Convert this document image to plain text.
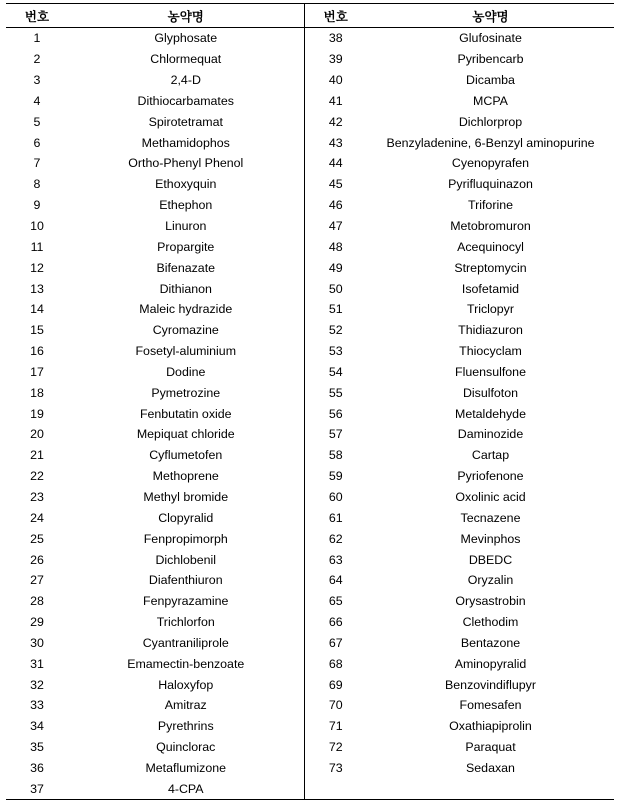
번호	농약명	번호	농약명
1	Glyphosate	38	Glufosinate
2	Chlormequat	39	Pyribencarb
3	2,4-D	40	Dicamba
4	Dithiocarbamates	41	MCPA
5	Spirotetramat	42	Dichlorprop
6	Methamidophos	43	Benzyladenine, 6-Benzyl aminopurine
7	Ortho-Phenyl Phenol	44	Cyenopyrafen
8	Ethoxyquin	45	Pyrifluquinazon
9	Ethephon	46	Triforine
10	Linuron	47	Metobromuron
11	Propargite	48	Acequinocyl
12	Bifenazate	49	Streptomycin
13	Dithianon	50	Isofetamid
14	Maleic hydrazide	51	Triclopyr
15	Cyromazine	52	Thidiazuron
16	Fosetyl-aluminium	53	Thiocyclam
17	Dodine	54	Fluensulfone
18	Pymetrozine	55	Disulfoton
19	Fenbutatin oxide	56	Metaldehyde
20	Mepiquat chloride	57	Daminozide
21	Cyflumetofen	58	Cartap
22	Methoprene	59	Pyriofenone
23	Methyl bromide	60	Oxolinic acid
24	Clopyralid	61	Tecnazene
25	Fenpropimorph	62	Mevinphos
26	Dichlobenil	63	DBEDC
27	Diafenthiuron	64	Oryzalin
28	Fenpyrazamine	65	Orysastrobin
29	Trichlorfon	66	Clethodim
30	Cyantraniliprole	67	Bentazone
31	Emamectin-benzoate	68	Aminopyralid
32	Haloxyfop	69	Benzovindiflupyr
33	Amitraz	70	Fomesafen
34	Pyrethrins	71	Oxathiapiprolin
35	Quinclorac	72	Paraquat
36	Metaflumizone	73	Sedaxan
37	4-CPA		
